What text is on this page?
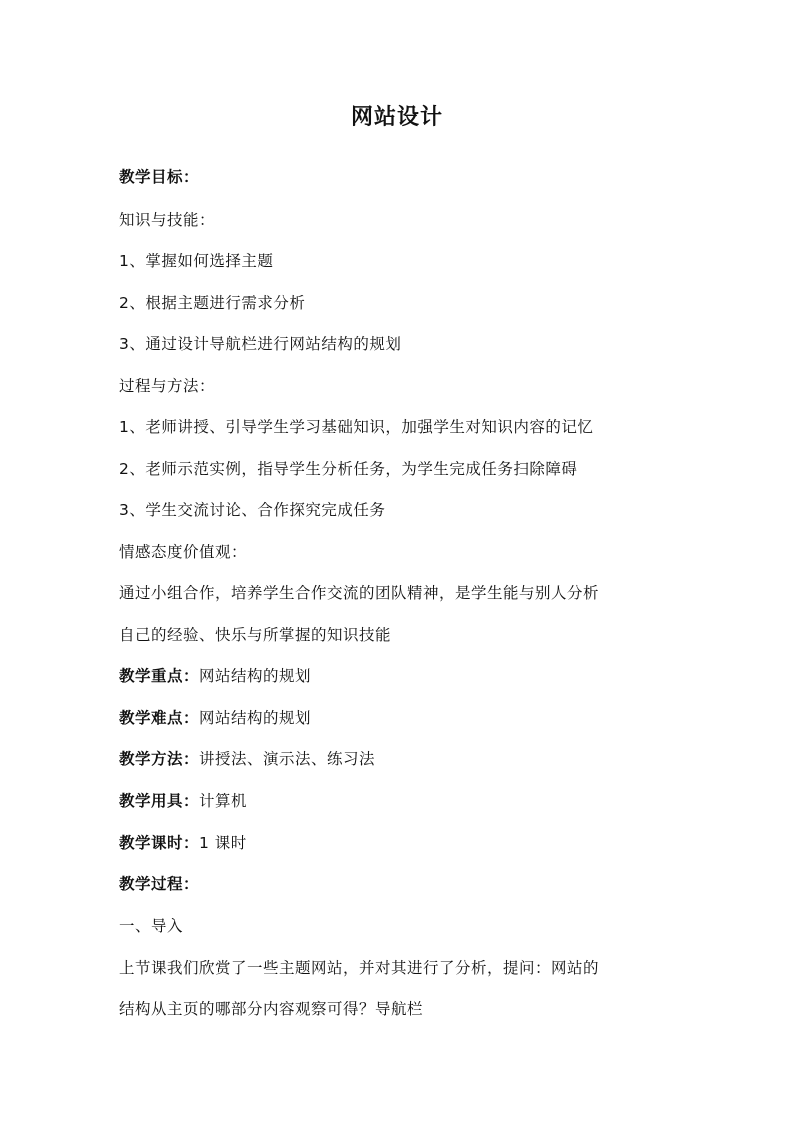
网站设计
教学目标：
知识与技能：
1、掌握如何选择主题
2、根据主题进行需求分析
3、通过设计导航栏进行网站结构的规划
过程与方法：
1、老师讲授、引导学生学习基础知识，加强学生对知识内容的记忆
2、老师示范实例，指导学生分析任务，为学生完成任务扫除障碍
3、学生交流讨论、合作探究完成任务
情感态度价值观：
通过小组合作，培养学生合作交流的团队精神，是学生能与别人分析
自己的经验、快乐与所掌握的知识技能
教学重点：网站结构的规划
教学难点：网站结构的规划
教学方法：讲授法、演示法、练习法
教学用具：计算机
教学课时：1 课时
教学过程：
一、导入
上节课我们欣赏了一些主题网站，并对其进行了分析，提问：网站的
结构从主页的哪部分内容观察可得？导航栏
